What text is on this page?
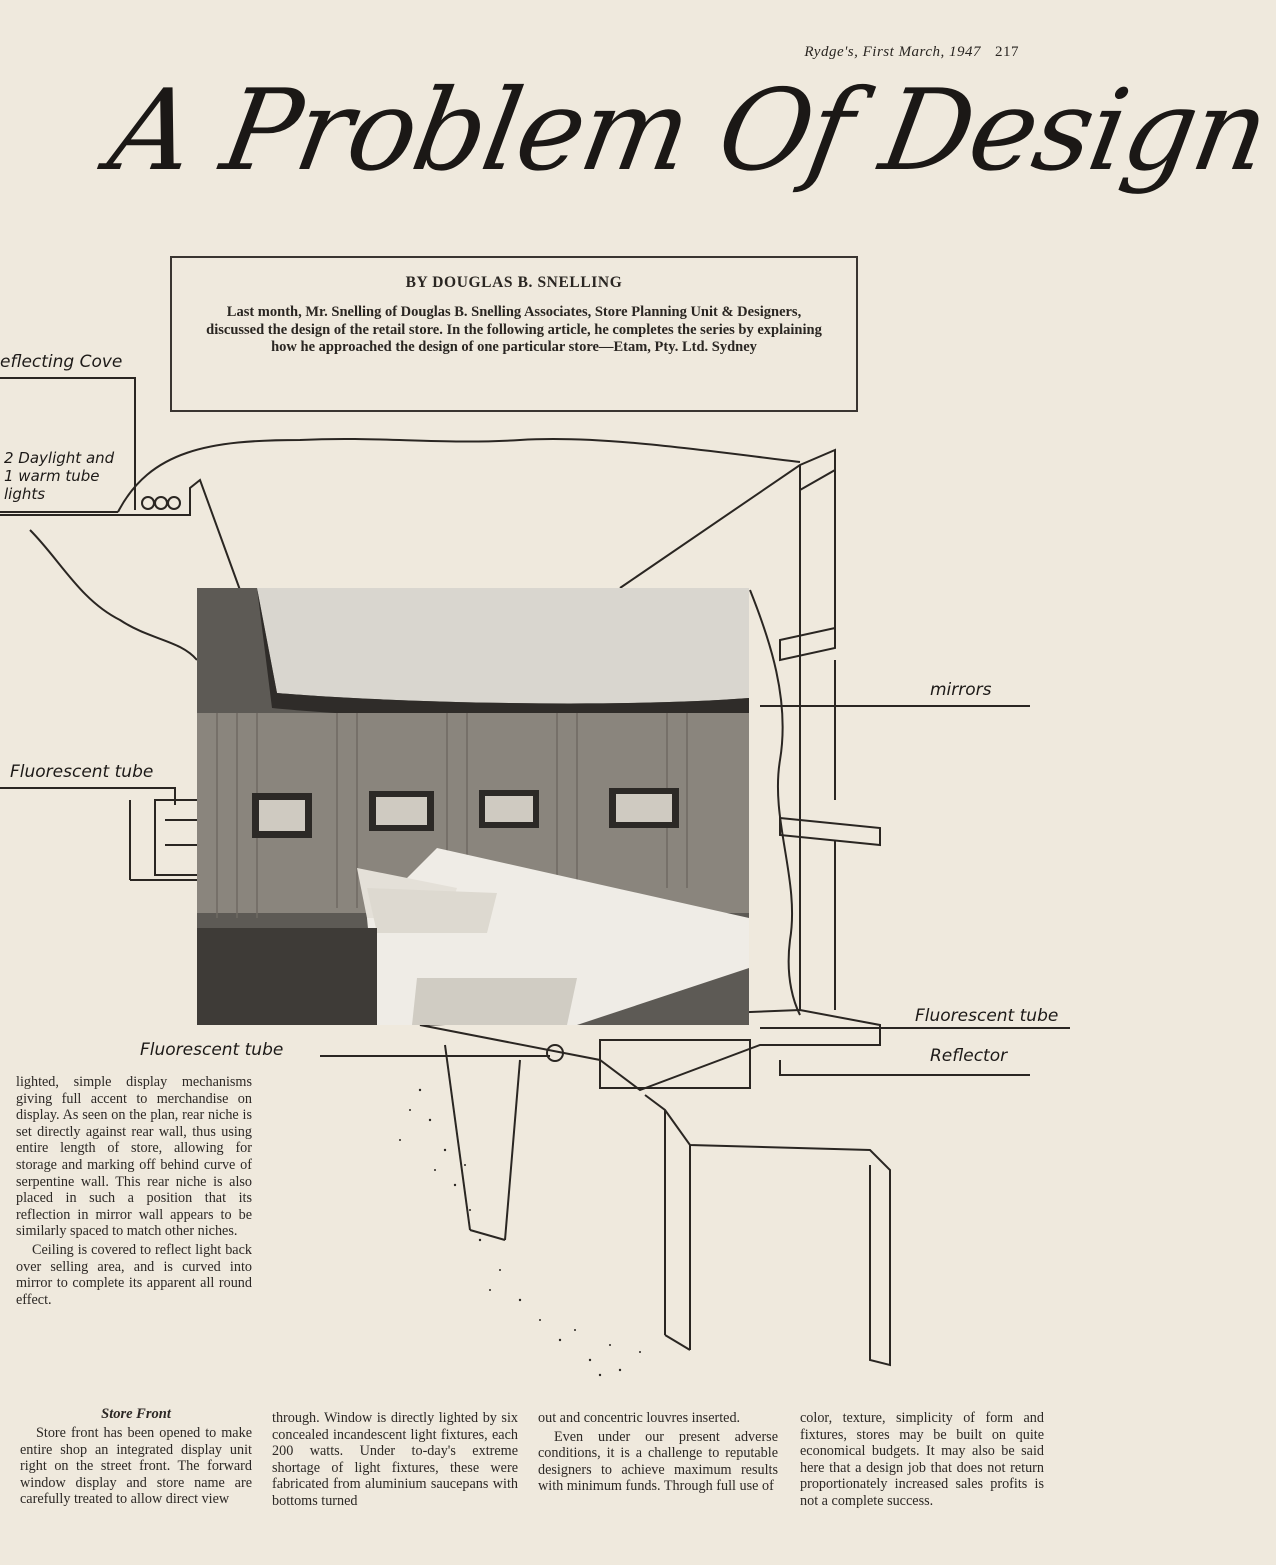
Rydge's, First March, 1947 217
A Problem Of Design
BY DOUGLAS B. SNELLING
Last month, Mr. Snelling of Douglas B. Snelling Associates, Store Planning Unit & Designers, discussed the design of the retail store. In the following article, he completes the series by explaining how he approached the design of one particular store—Etam, Pty. Ltd. Sydney
eflecting Cove
2 Daylight and
1 warm tube
lights
mirrors
Fluorescent tube
Fluorescent tube
Fluorescent tube
Reflector

lighted, simple display mechanisms giving full accent to merchandise on display. As seen on the plan, rear niche is set directly against rear wall, thus using entire length of store, allowing for storage and marking off behind curve of serpentine wall. This rear niche is also placed in such a position that its reflection in mirror wall appears to be similarly spaced to match other niches.

Ceiling is covered to reflect light back over selling area, and is curved into mirror to complete its apparent all round effect.

Store Front

Store front has been opened to make entire shop an integrated display unit right on the street front. The forward window display and store name are carefully treated to allow direct view

through. Window is directly lighted by six concealed incandescent light fixtures, each 200 watts. Under to-day's extreme shortage of light fixtures, these were fabricated from aluminium saucepans with bottoms turned

out and concentric louvres inserted.

Even under our present adverse conditions, it is a challenge to reputable designers to achieve maximum results with minimum funds. Through full use of

color, texture, simplicity of form and fixtures, stores may be built on quite economical budgets. It may also be said here that a design job that does not return proportionately increased sales profits is not a complete success.
